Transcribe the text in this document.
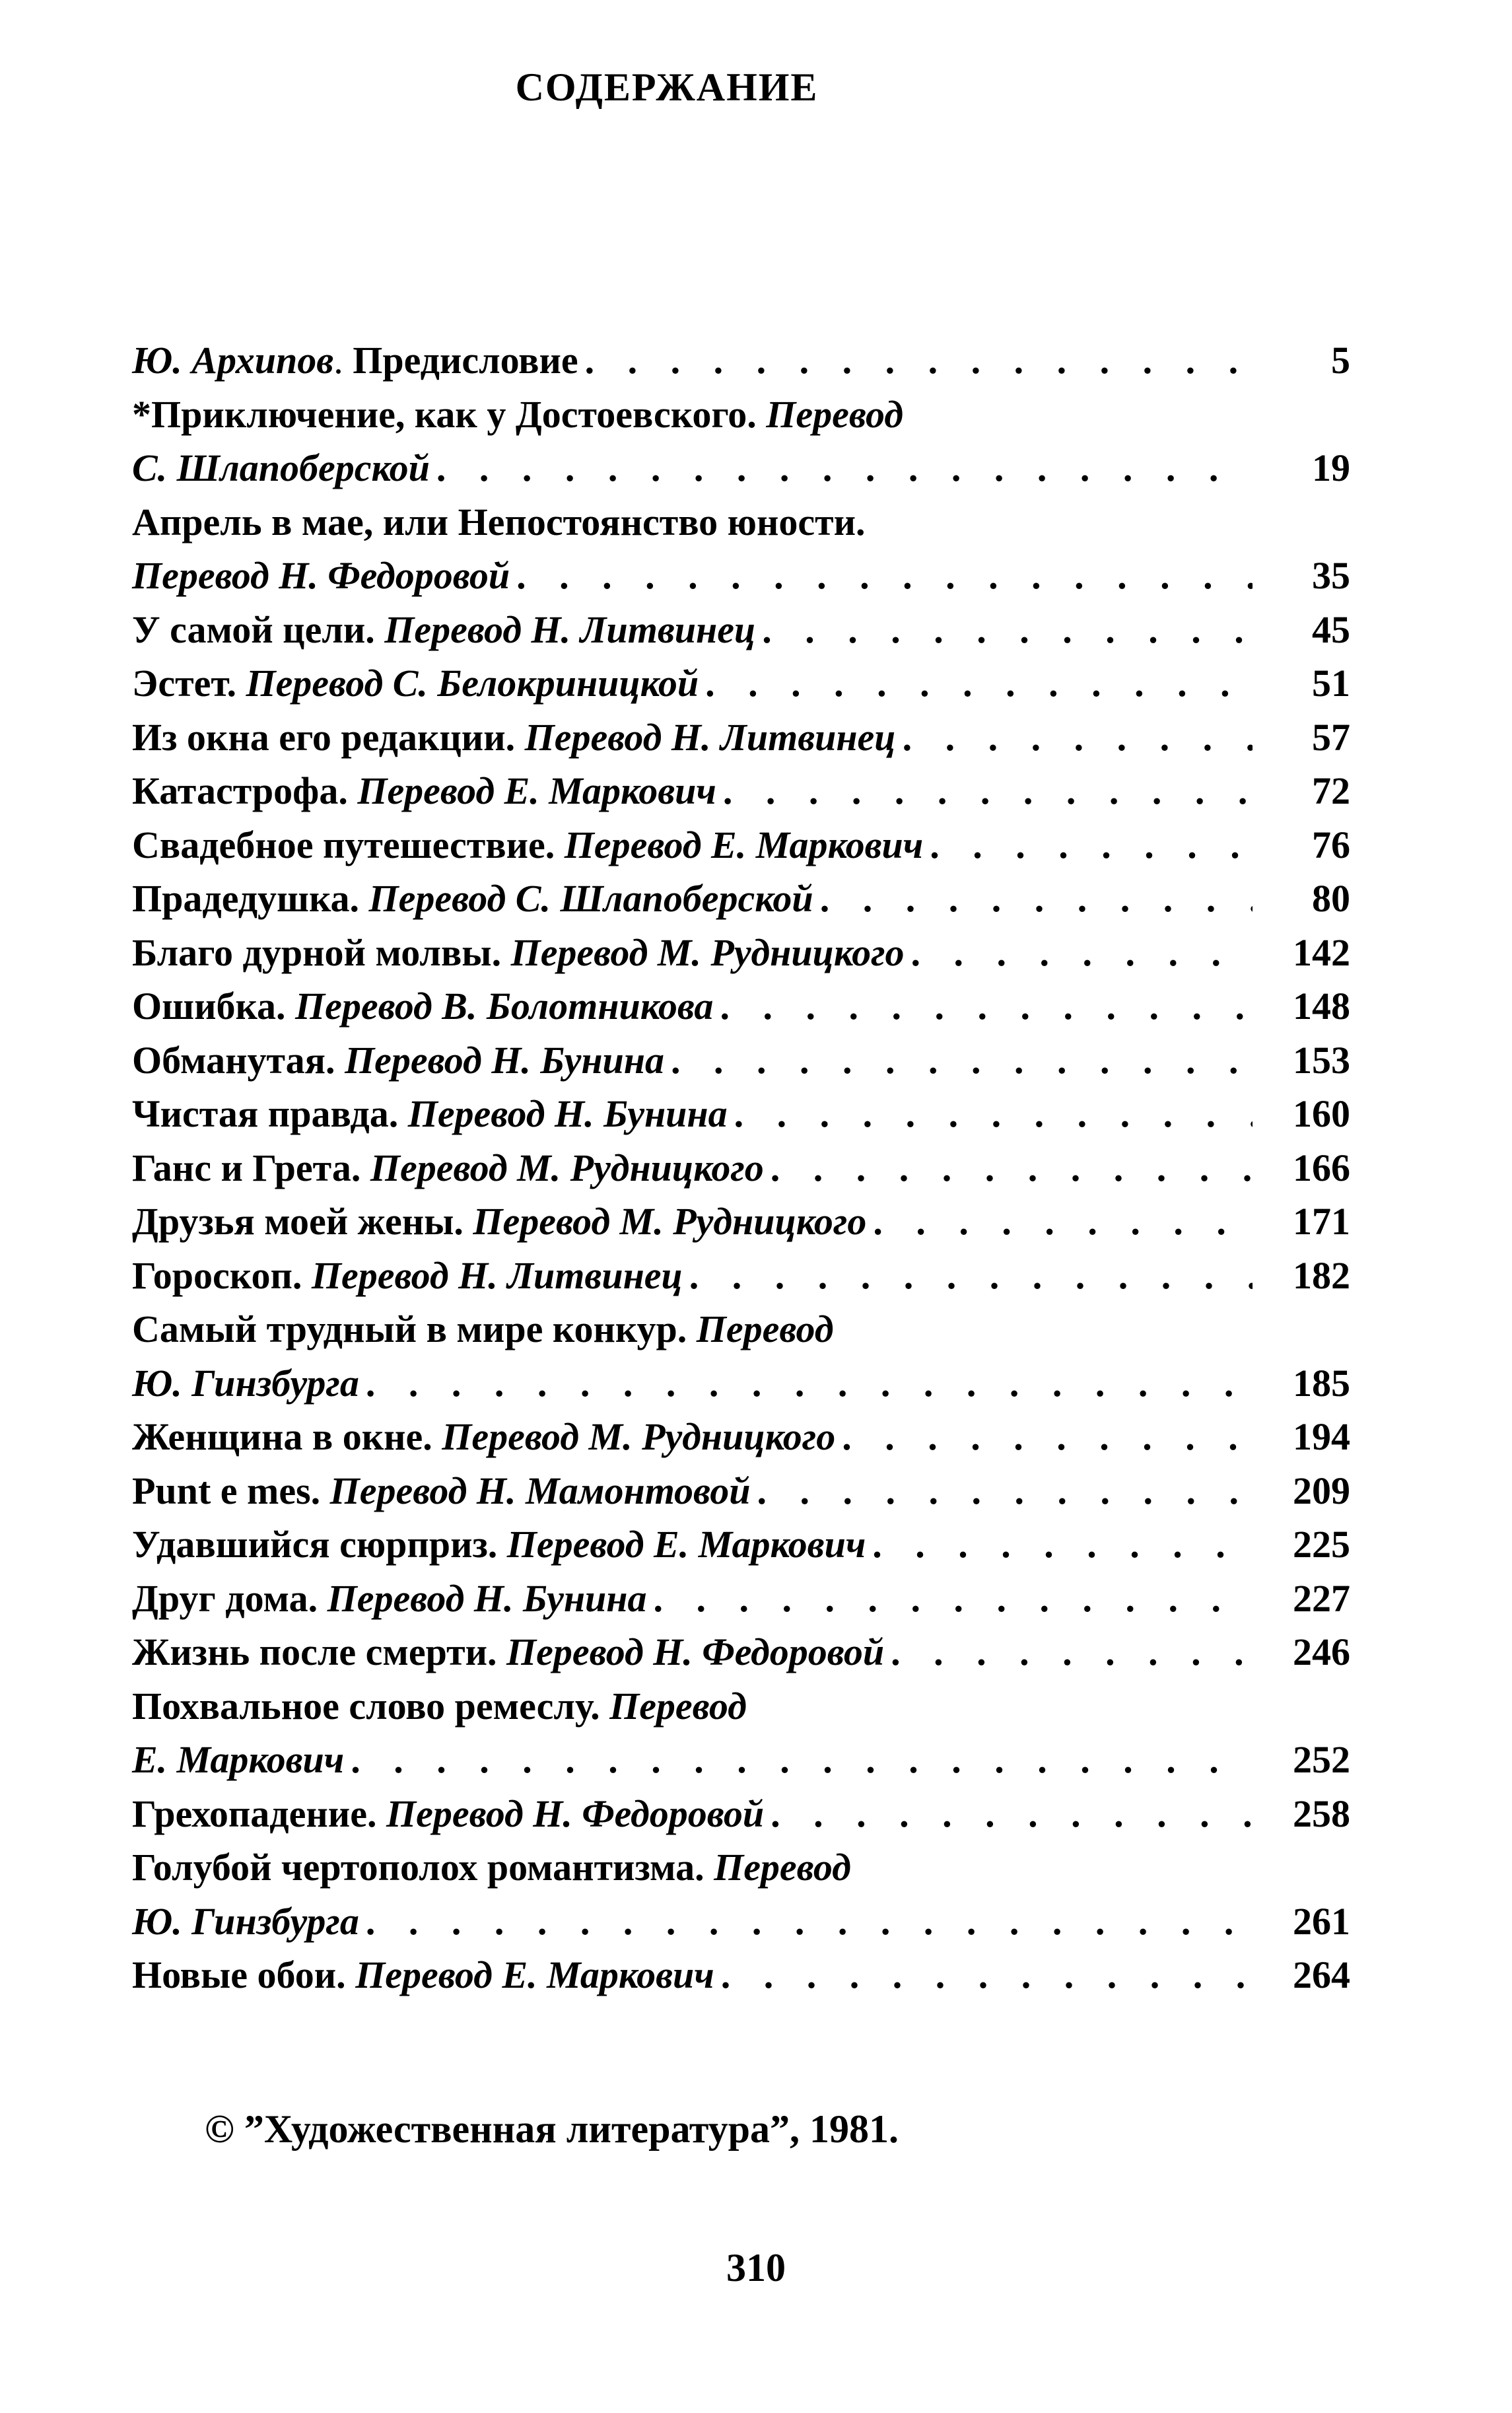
СОДЕРЖАНИЕ
Ю. Архипов. Предисловие . . .	5
*Приключение, как у Достоевского. Перевод
С. Шлапоберской . . .	19
Апрель в мае, или Непостоянство юности.
Перевод Н. Федоровой . . .	35
У самой цели. Перевод Н. Литвинец . . .	45
Эстет. Перевод С. Белокриницкой . . .	51
Из окна его редакции. Перевод Н. Литвинец . . .	57
Катастрофа. Перевод Е. Маркович . . .	72
Свадебное путешествие. Перевод Е. Маркович . . .	76
Прадедушка. Перевод С. Шлапоберской . . .	80
Благо дурной молвы. Перевод М. Рудницкого . . .	142
Ошибка. Перевод В. Болотникова . . .	148
Обманутая. Перевод Н. Бунина . . .	153
Чистая правда. Перевод Н. Бунина . . .	160
Ганс и Грета. Перевод М. Рудницкого . . .	166
Друзья моей жены. Перевод М. Рудницкого . . .	171
Гороскоп. Перевод Н. Литвинец . . .	182
Самый трудный в мире конкур. Перевод
Ю. Гинзбурга . . .	185
Женщина в окне. Перевод М. Рудницкого . . .	194
Punt e mes. Перевод Н. Мамонтовой . . .	209
Удавшийся сюрприз. Перевод Е. Маркович . . .	225
Друг дома. Перевод Н. Бунина . . .	227
Жизнь после смерти. Перевод Н. Федоровой . . .	246
Похвальное слово ремеслу. Перевод
Е. Маркович . . .	252
Грехопадение. Перевод Н. Федоровой . . .	258
Голубой чертополох романтизма. Перевод
Ю. Гинзбурга . . .	261
Новые обои. Перевод Е. Маркович . . .	264
© ”Художественная литература”, 1981.
310
